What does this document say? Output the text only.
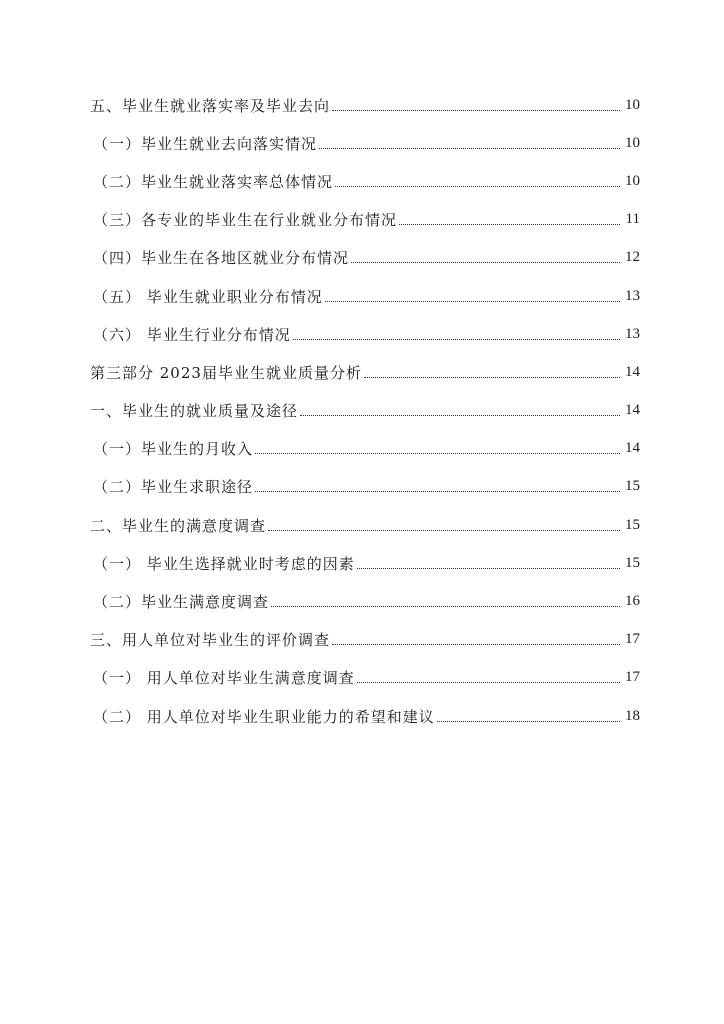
五、毕业生就业落实率及毕业去向	10
（一）毕业生就业去向落实情况	10
（二）毕业生就业落实率总体情况	10
（三）各专业的毕业生在行业就业分布情况	11
（四）毕业生在各地区就业分布情况	12
（五） 毕业生就业职业分布情况	13
（六） 毕业生行业分布情况	13
第三部分 2023届毕业生就业质量分析	14
一、毕业生的就业质量及途径	14
（一）毕业生的月收入	14
（二）毕业生求职途径	15
二、毕业生的满意度调查	15
（一） 毕业生选择就业时考虑的因素	15
（二）毕业生满意度调查	16
三、用人单位对毕业生的评价调查	17
（一） 用人单位对毕业生满意度调查	17
（二） 用人单位对毕业生职业能力的希望和建议	18
